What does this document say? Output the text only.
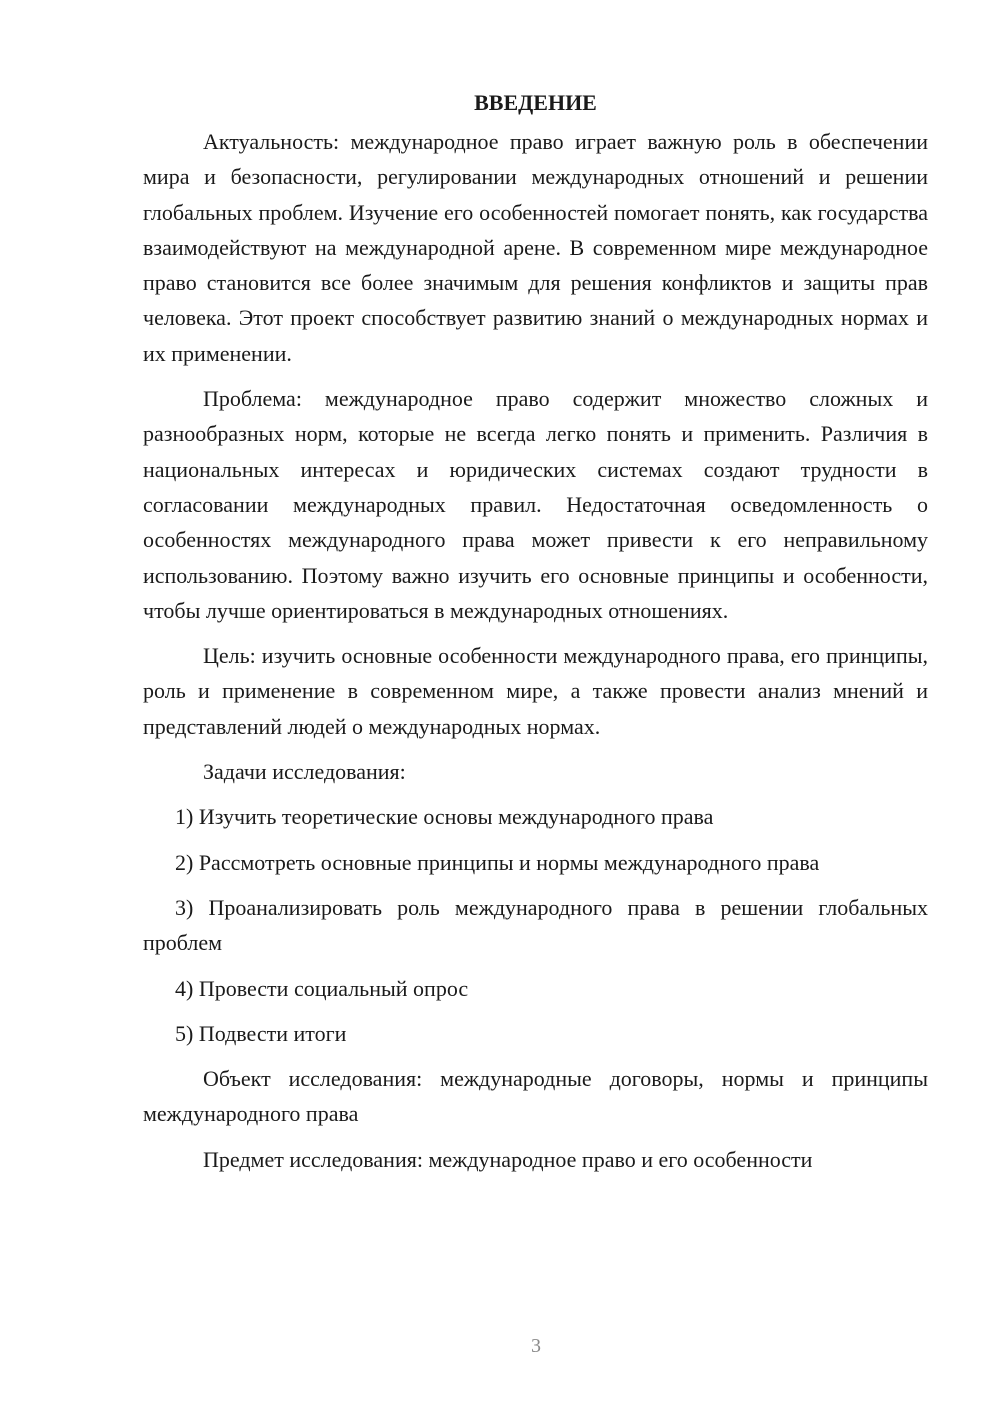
ВВЕДЕНИЕ

Актуальность: международное право играет важную роль в обеспечении мира и безопасности, регулировании международных отношений и решении глобальных проблем. Изучение его особенностей помогает понять, как государства взаимодействуют на международной арене. В современном мире международное право становится все более значимым для решения конфликтов и защиты прав человека. Этот проект способствует развитию знаний о международных нормах и их применении.

Проблема: международное право содержит множество сложных и разнообразных норм, которые не всегда легко понять и применить. Различия в национальных интересах и юридических системах создают трудности в согласовании международных правил. Недостаточная осведомленность о особенностях международного права может привести к его неправильному использованию. Поэтому важно изучить его основные принципы и особенности, чтобы лучше ориентироваться в международных отношениях.

Цель: изучить основные особенности международного права, его принципы, роль и применение в современном мире, а также провести анализ мнений и представлений людей о международных нормах.

Задачи исследования:

1) Изучить теоретические основы международного права

2) Рассмотреть основные принципы и нормы международного права

3) Проанализировать роль международного права в решении глобальных проблем

4) Провести социальный опрос

5) Подвести итоги

Объект исследования: международные договоры, нормы и принципы международного права

Предмет исследования: международное право и его особенности

3
